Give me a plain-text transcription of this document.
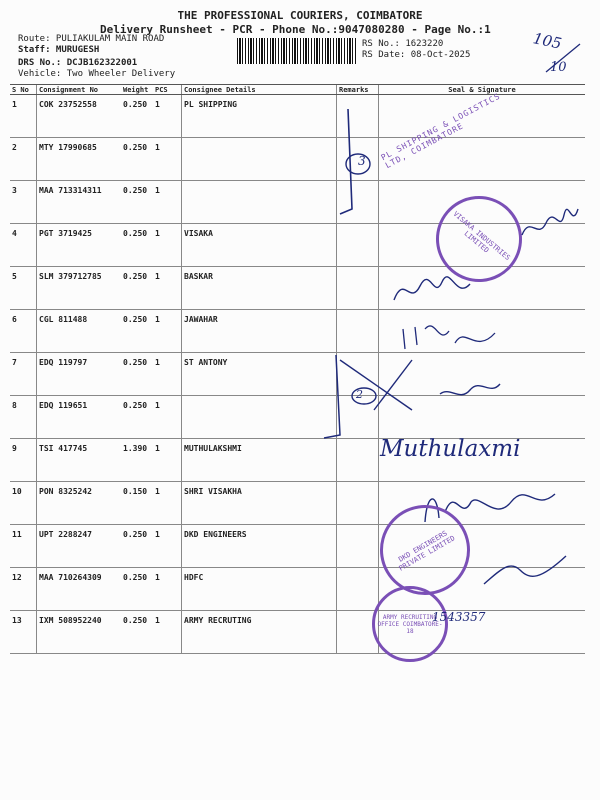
THE PROFESSIONAL COURIERS, COIMBATORE
Delivery Runsheet - PCR - Phone No.:9047080280 - Page No.:1
Route: PULIAKULAM MAIN ROAD
Staff: MURUGESH
DRS No.: DCJB162322001
Vehicle: Two Wheeler Delivery
RS No.: 1623220
RS Date: 08-Oct-2025
105
10
S No	Consignment No	Weight	PCS	Consignee Details	Remarks	Seal & Signature
1	COK 23752558	0.250	1	PL SHIPPING		
2	MTY 17990685	0.250	1			
3	MAA 713314311	0.250	1			
4	PGT 3719425	0.250	1	VISAKA		
5	SLM 379712785	0.250	1	BASKAR		
6	CGL 811488	0.250	1	JAWAHAR		
7	EDQ 119797	0.250	1	ST ANTONY		
8	EDQ 119651	0.250	1			
9	TSI 417745	1.390	1	MUTHULAKSHMI		
10	PON 8325242	0.150	1	SHRI VISAKHA		
11	UPT 2288247	0.250	1	DKD ENGINEERS		
12	MAA 710264309	0.250	1	HDFC		
13	IXM 508952240	0.250	1	ARMY RECRUTING		
PL SHIPPING & LOGISTICS LTD, COIMBATORE
3
VISAKA INDUSTRIES LIMITED
2
Muthulaxmi
DKD ENGINEERS PRIVATE LIMITED
ARMY RECRUITING OFFICE COIMBATORE-18
1543357
